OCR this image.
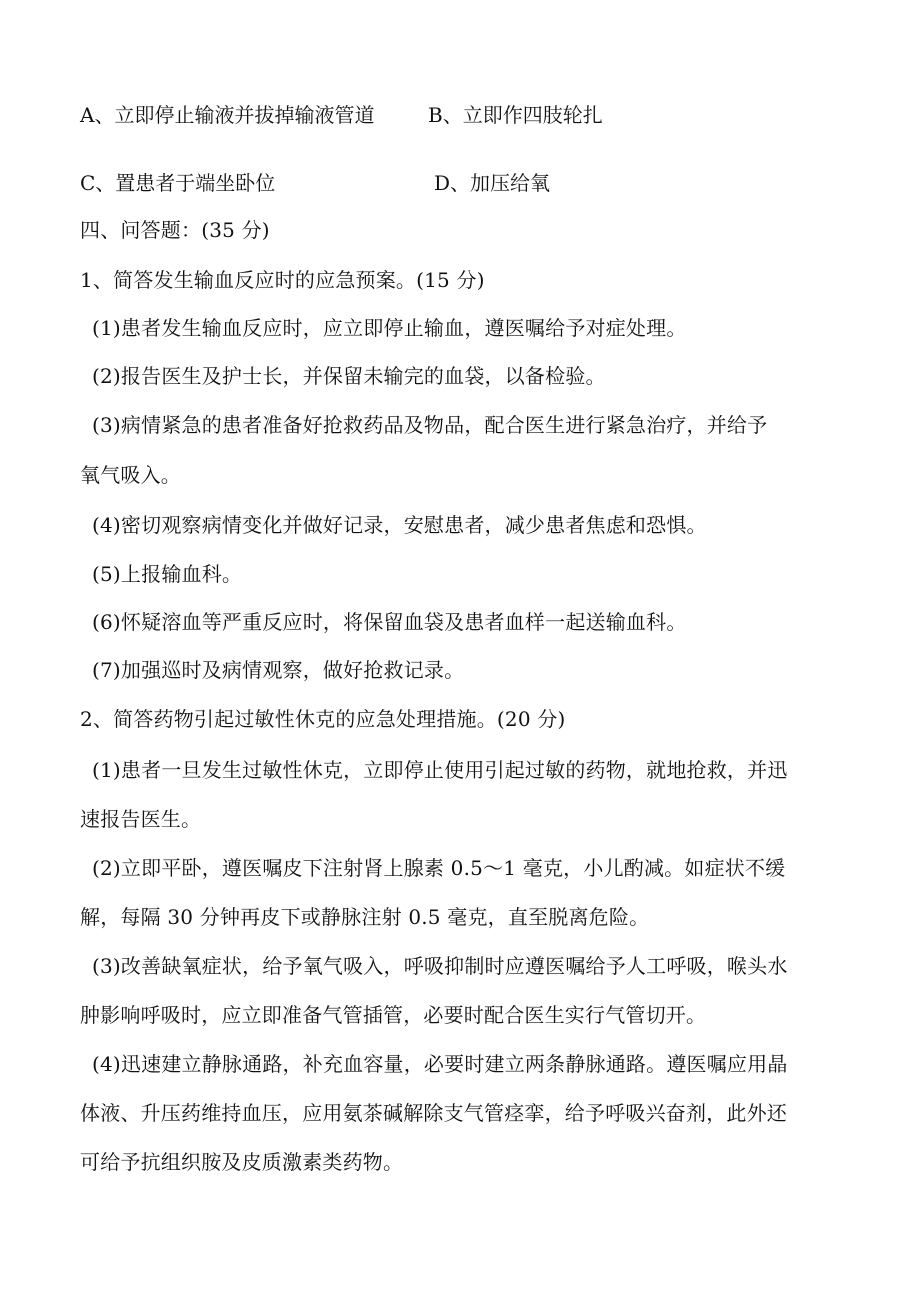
A、立即停止输液并拔掉输液管道	B、立即作四肢轮扎
C、置患者于端坐卧位	D、加压给氧
四、问答题：(35 分)
1、简答发生输血反应时的应急预案。(15 分)
(1)患者发生输血反应时，应立即停止输血，遵医嘱给予对症处理。
(2)报告医生及护士长，并保留未输完的血袋，以备检验。
(3)病情紧急的患者准备好抢救药品及物品，配合医生进行紧急治疗，并给予
氧气吸入。
(4)密切观察病情变化并做好记录，安慰患者，减少患者焦虑和恐惧。
(5)上报输血科。
(6)怀疑溶血等严重反应时，将保留血袋及患者血样一起送输血科。
(7)加强巡时及病情观察，做好抢救记录。
2、简答药物引起过敏性休克的应急处理措施。(20 分)
(1)患者一旦发生过敏性休克，立即停止使用引起过敏的药物，就地抢救，并迅
速报告医生。
(2)立即平卧，遵医嘱皮下注射肾上腺素 0.5～1 毫克，小儿酌减。如症状不缓
解，每隔 30 分钟再皮下或静脉注射 0.5 毫克，直至脱离危险。
(3)改善缺氧症状，给予氧气吸入，呼吸抑制时应遵医嘱给予人工呼吸，喉头水
肿影响呼吸时，应立即准备气管插管，必要时配合医生实行气管切开。
(4)迅速建立静脉通路，补充血容量，必要时建立两条静脉通路。遵医嘱应用晶
体液、升压药维持血压，应用氨茶碱解除支气管痉挛，给予呼吸兴奋剂，此外还
可给予抗组织胺及皮质激素类药物。
